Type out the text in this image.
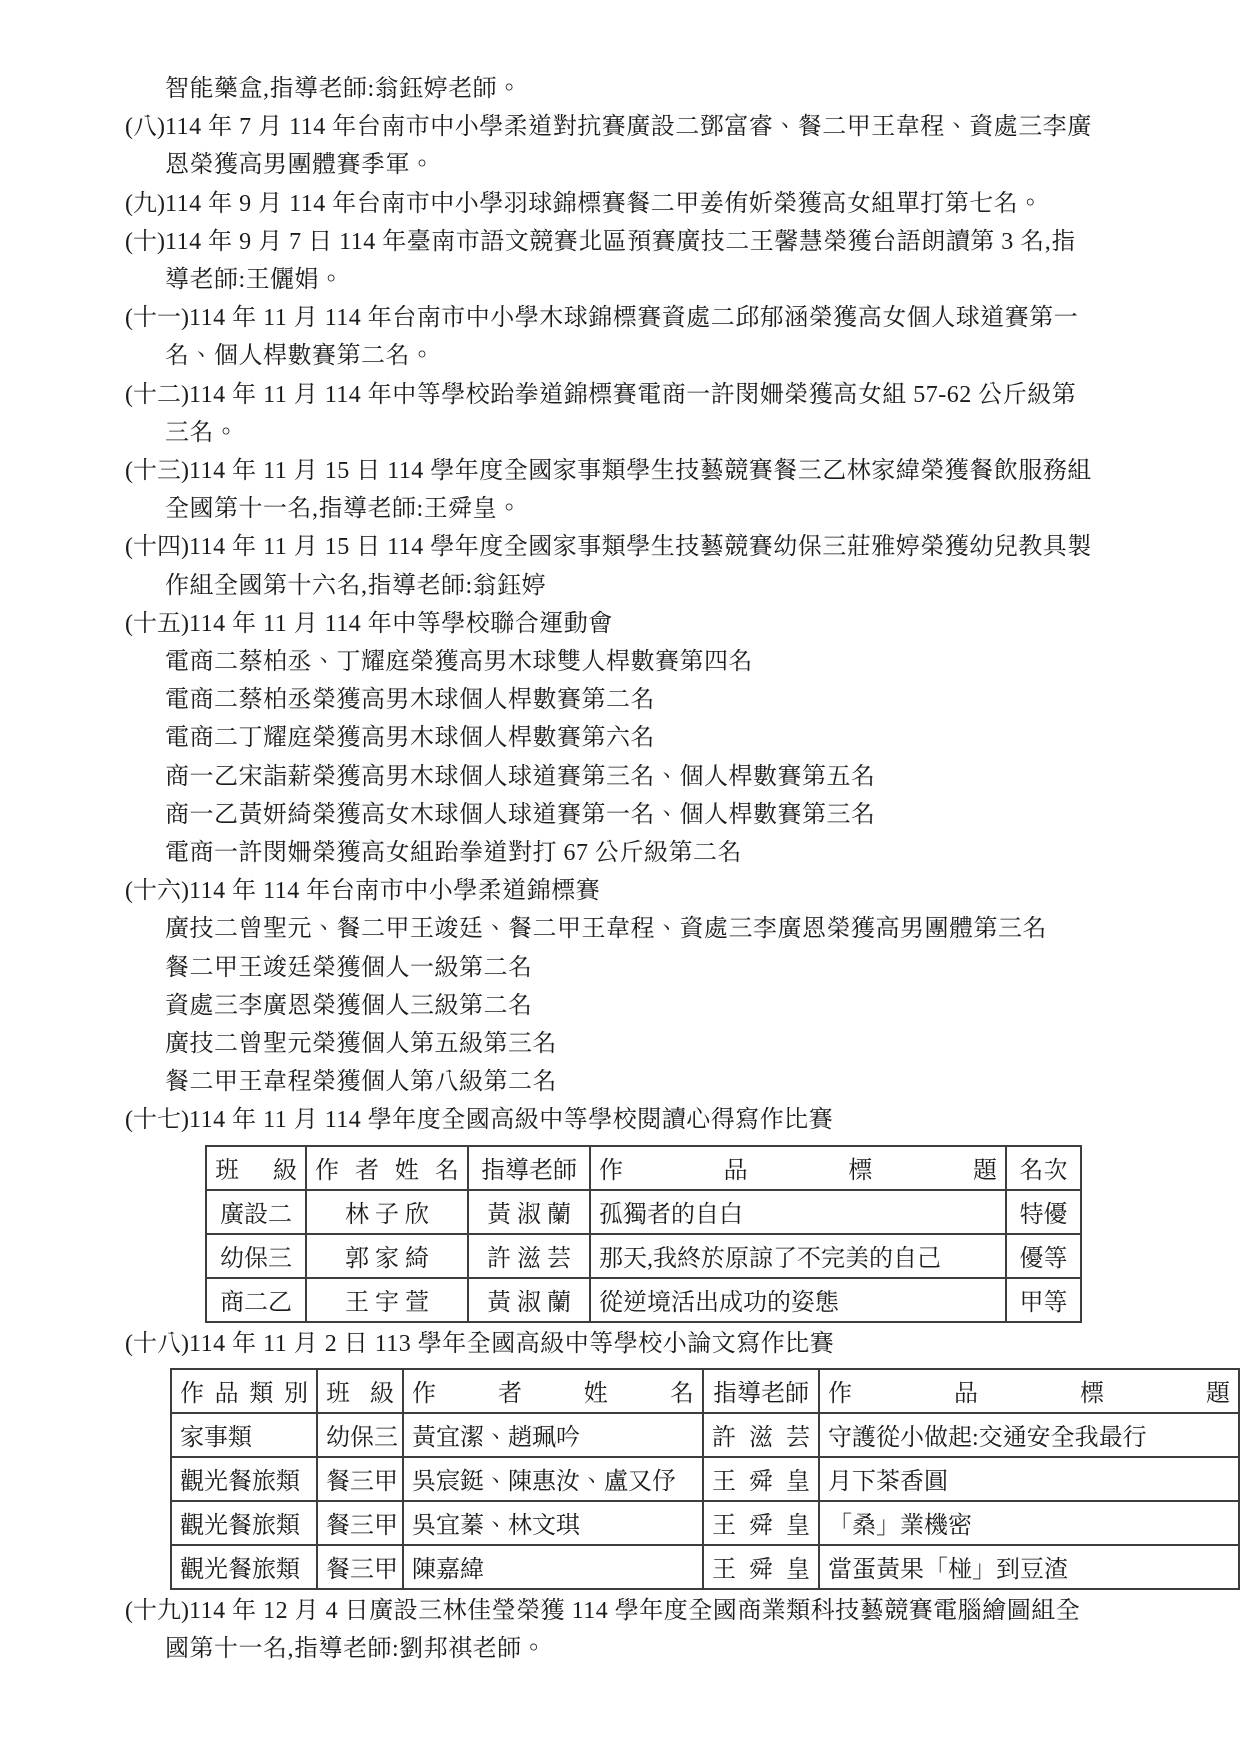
智能藥盒,指導老師:翁鈺婷老師。
(八)114 年 7 月 114 年台南市中小學柔道對抗賽廣設二鄧富睿、餐二甲王韋程、資處三李廣
恩榮獲高男團體賽季軍。
(九)114 年 9 月 114 年台南市中小學羽球錦標賽餐二甲姜侑妡榮獲高女組單打第七名。
(十)114 年 9 月 7 日 114 年臺南市語文競賽北區預賽廣技二王馨慧榮獲台語朗讀第 3 名,指
導老師:王儷娟。
(十一)114 年 11 月 114 年台南市中小學木球錦標賽資處二邱郁涵榮獲高女個人球道賽第一
名、個人桿數賽第二名。
(十二)114 年 11 月 114 年中等學校跆拳道錦標賽電商一許閔姍榮獲高女組 57-62 公斤級第
三名。
(十三)114 年 11 月 15 日 114 學年度全國家事類學生技藝競賽餐三乙林家緯榮獲餐飲服務組
全國第十一名,指導老師:王舜皇。
(十四)114 年 11 月 15 日 114 學年度全國家事類學生技藝競賽幼保三莊雅婷榮獲幼兒教具製
作組全國第十六名,指導老師:翁鈺婷
(十五)114 年 11 月 114 年中等學校聯合運動會
電商二蔡柏丞、丁耀庭榮獲高男木球雙人桿數賽第四名
電商二蔡柏丞榮獲高男木球個人桿數賽第二名
電商二丁耀庭榮獲高男木球個人桿數賽第六名
商一乙宋詣薪榮獲高男木球個人球道賽第三名、個人桿數賽第五名
商一乙黃妍綺榮獲高女木球個人球道賽第一名、個人桿數賽第三名
電商一許閔姍榮獲高女組跆拳道對打 67 公斤級第二名
(十六)114 年 114 年台南市中小學柔道錦標賽
廣技二曾聖元、餐二甲王竣廷、餐二甲王韋程、資處三李廣恩榮獲高男團體第三名
餐二甲王竣廷榮獲個人一級第二名
資處三李廣恩榮獲個人三級第二名
廣技二曾聖元榮獲個人第五級第三名
餐二甲王韋程榮獲個人第八級第二名
(十七)114 年 11 月 114 學年度全國高級中等學校閱讀心得寫作比賽
班 級	作 者 姓 名	指導老師	作 品 標 題	名次
廣設二	林 子 欣	黃 淑 蘭	孤獨者的自白	特優
幼保三	郭 家 綺	許 滋 芸	那天,我終於原諒了不完美的自己	優等
商二乙	王 宇 萱	黃 淑 蘭	從逆境活出成功的姿態	甲等
(十八)114 年 11 月 2 日 113 學年全國高級中等學校小論文寫作比賽
作 品 類 別	班 級	作 者 姓 名	指導老師	作 品 標 題
家事類	幼保三	黃宜潔、趙珮吟	許 滋 芸	守護從小做起:交通安全我最行
觀光餐旅類	餐三甲	吳宸鋌、陳惠汝、盧又伃	王 舜 皇	月下茶香圓
觀光餐旅類	餐三甲	吳宜蓁、林文琪	王 舜 皇	「桑」業機密
觀光餐旅類	餐三甲	陳嘉緯	王 舜 皇	當蛋黃果「椪」到豆渣
(十九)114 年 12 月 4 日廣設三林佳瑩榮獲 114 學年度全國商業類科技藝競賽電腦繪圖組全
國第十一名,指導老師:劉邦祺老師。
